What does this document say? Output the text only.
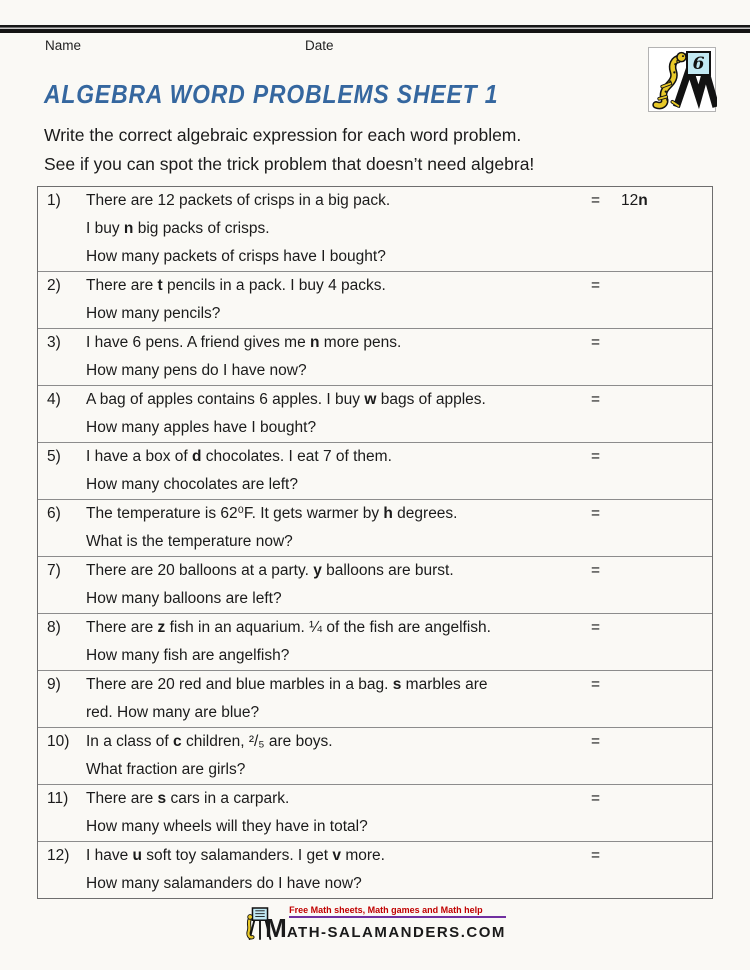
Name	Date
6
ALGEBRA WORD PROBLEMS SHEET 1
Write the correct algebraic expression for each word problem.
See if you can spot the trick problem that doesn’t need algebra!
1)	There are 12 packets of crisps in a big pack.
I buy n big packs of crisps.
How many packets of crisps have I bought?
=	12n
2)	There are t pencils in a pack. I buy 4 packs.
How many pencils?
=
3)	I have 6 pens. A friend gives me n more pens.
How many pens do I have now?
=
4)	A bag of apples contains 6 apples. I buy w bags of apples.
How many apples have I bought?
=
5)	I have a box of d chocolates. I eat 7 of them.
How many chocolates are left?
=
6)	The temperature is 62⁰F. It gets warmer by h degrees.
What is the temperature now?
=
7)	There are 20 balloons at a party. y balloons are burst.
How many balloons are left?
=
8)	There are z fish in an aquarium. ¼ of the fish are angelfish.
How many fish are angelfish?
=
9)	There are 20 red and blue marbles in a bag. s marbles are
red. How many are blue?
=
10)	In a class of c children, ²/₅ are boys.
What fraction are girls?
=
11)	There are s cars in a carpark.
How many wheels will they have in total?
=
12)	I have u soft toy salamanders. I get v more.
How many salamanders do I have now?
=
Free Math sheets, Math games and Math help
MATH-SALAMANDERS.COM
